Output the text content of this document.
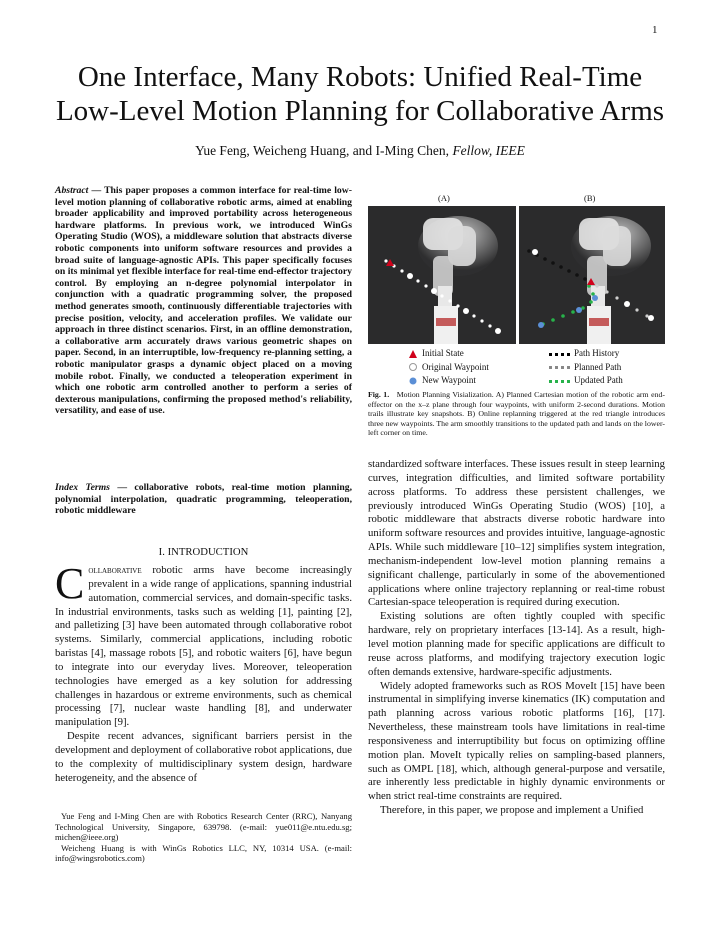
1
One Interface, Many Robots: Unified Real-Time
Low-Level Motion Planning for Collaborative Arms
Yue Feng, Weicheng Huang, and I-Ming Chen, Fellow, IEEE
Abstract — This paper proposes a common interface for real-time low-level motion planning of collaborative robotic arms, aimed at enabling broader applicability and improved portability across heterogeneous hardware platforms. In previous work, we introduced WinGs Operating Studio (WOS), a middleware solution that abstracts diverse robotic components into uniform software resources and provides a broad suite of language-agnostic APIs. This paper specifically focuses on its minimal yet flexible interface for real-time end-effector trajectory control. By employing an n-degree polynomial interpolator in conjunction with a quadratic programming solver, the proposed method generates smooth, continuously differentiable trajectories with precise position, velocity, and acceleration profiles. We validate our approach in three distinct scenarios. First, in an offline demonstration, a collaborative arm accurately draws various geometric shapes on paper. Second, in an interruptible, low-frequency re-planning setting, a robotic manipulator grasps a dynamic object placed on a moving mobile robot. Finally, we conducted a teleoperation experiment in which one robotic arm controlled another to perform a series of dexterous manipulations, confirming the proposed method's reliability, versatility, and ease of use.
Index Terms — collaborative robots, real-time motion planning, polynomial interpolation, quadratic programming, teleoperation, robotic middleware
I. INTRODUCTION

Collaborative robotic arms have become increasingly prevalent in a wide range of applications, spanning industrial automation, commercial services, and domain-specific tasks. In industrial environments, tasks such as welding [1], painting [2], and palletizing [3] have been automated through collaborative robot systems. Similarly, commercial applications, including robotic baristas [4], massage robots [5], and robotic waiters [6], have begun to integrate into our everyday lives. Moreover, teleoperation technologies have emerged as a key solution for addressing challenges in hazardous or extreme environments, such as chemical processing [7], nuclear waste handling [8], and underwater manipulation [9].

Despite recent advances, significant barriers persist in the development and deployment of collaborative robot applications, due to the complexity of multidisciplinary system design, hardware heterogeneity, and the absence of

Yue Feng and I-Ming Chen are with Robotics Research Center (RRC), Nanyang Technological University, Singapore, 639798. (e-mail: yue011@e.ntu.edu.sg; michen@ieee.org)

Weicheng Huang is with WinGs Robotics LLC, NY, 10314 USA. (e-mail: info@wingsrobotics.com)

(A)	(B)
Initial State
Original Waypoint
New Waypoint
Path History
Planned Path
Updated Path
Fig. 1. Motion Planning Visialization. A) Planned Cartesian motion of the robotic arm end-effector on the x–z plane through four waypoints, with uniform 2-second durations. Motion trails illustrate key snapshots. B) Online replanning triggered at the red triangle introduces three new waypoints. The arm smoothly transitions to the updated path and lands on the lower-left corner on time.

standardized software interfaces. These issues result in steep learning curves, integration difficulties, and limited software portability across platforms. To address these persistent challenges, we previously introduced WinGs Operating Studio (WOS) [10], a robotic middleware that abstracts diverse robotic hardware into uniform software resources and provides intuitive, language-agnostic APIs. While such middleware [10–12] simplifies system integration, mechanism-independent low-level motion planning remains a significant challenge, particularly in some of the abovementioned applications where online trajectory replanning or real-time robust Cartesian-space teleoperation is required during execution.

Existing solutions are often tightly coupled with specific hardware, rely on proprietary interfaces [13-14]. As a result, high-level motion planning made for specific applications are difficult to reuse across platforms, and modifying trajectory execution logic often demands extensive, hardware-specific adjustments.

Widely adopted frameworks such as ROS MoveIt [15] have been instrumental in simplifying inverse kinematics (IK) computation and path planning across various robotic platforms [16], [17]. Nevertheless, these mainstream tools have limitations in real-time responsiveness and interruptibility but focus on optimizing offline motion plan. MoveIt typically relies on sampling-based planners, such as OMPL [18], which, although general-purpose and versatile, are inherently less predictable in highly dynamic environments or when strict real-time constraints are required.

Therefore, in this paper, we propose and implement a Unified
